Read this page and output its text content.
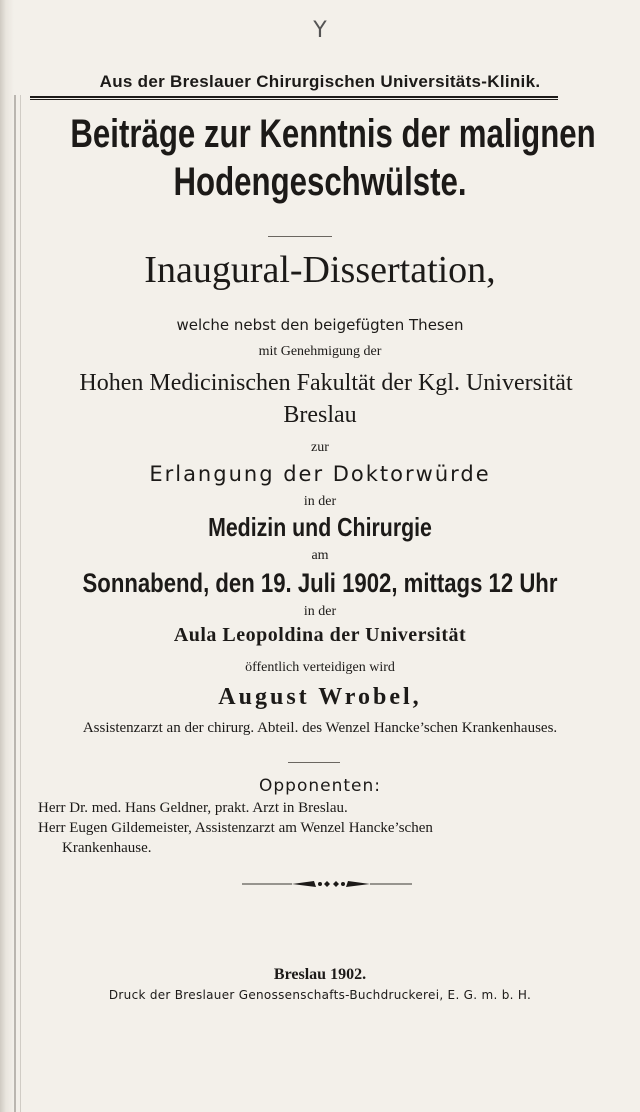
Y
Aus der Breslauer Chirurgischen Universitäts-Klinik.
Beiträge zur Kenntnis der malignen
Hodengeschwülste.
Inaugural-Dissertation,
welche nebst den beigefügten Thesen
mit Genehmigung der
Hohen Medicinischen Fakultät der Kgl. Universität
Breslau
zur
Erlangung der Doktorwürde
in der
Medizin und Chirurgie
am
Sonnabend, den 19. Juli 1902, mittags 12 Uhr
in der
Aula Leopoldina der Universität
öffentlich verteidigen wird
August Wrobel,
Assistenzarzt an der chirurg. Abteil. des Wenzel Hancke’schen Krankenhauses.
Opponenten:
Herr Dr. med. Hans Geldner, prakt. Arzt in Breslau.
Herr Eugen Gildemeister, Assistenzarzt am Wenzel Hancke’schen
Krankenhause.
Breslau 1902.
Druck der Breslauer Genossenschafts-Buchdruckerei, E. G. m. b. H.
